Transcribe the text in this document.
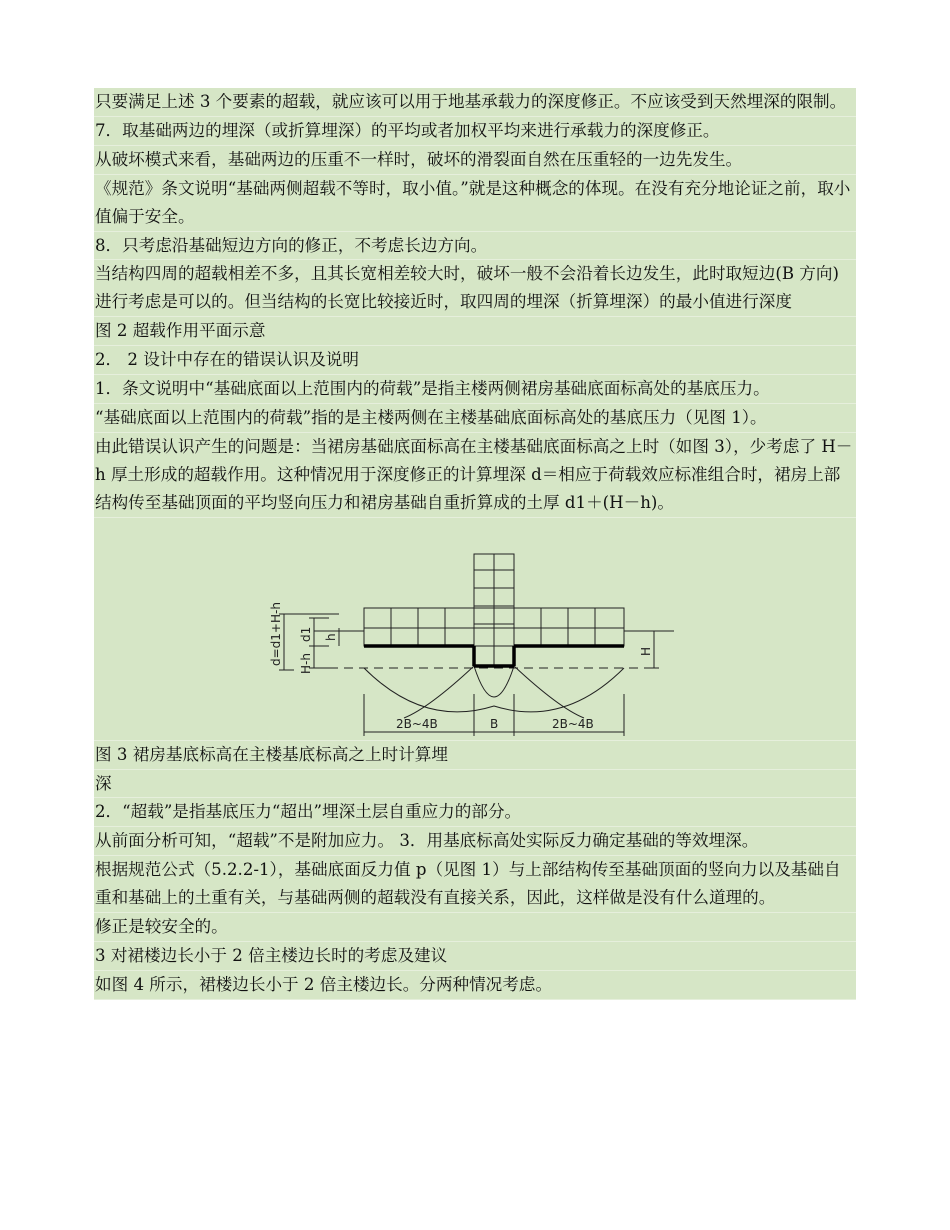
只要满足上述 3 个要素的超载，就应该可以用于地基承载力的深度修正。不应该受到天然埋深的限制。
7．取基础两边的埋深（或折算埋深）的平均或者加权平均来进行承载力的深度修正。
从破坏模式来看，基础两边的压重不一样时，破坏的滑裂面自然在压重轻的一边先发生。
《规范》条文说明“基础两侧超载不等时，取小值。”就是这种概念的体现。在没有充分地论证之前，取小值偏于安全。
8．只考虑沿基础短边方向的修正，不考虑长边方向。
当结构四周的超载相差不多，且其长宽相差较大时，破坏一般不会沿着长边发生，此时取短边(B 方向)进行考虑是可以的。但当结构的长宽比较接近时，取四周的埋深（折算埋深）的最小值进行深度
图 2 超载作用平面示意
2． 2 设计中存在的错误认识及说明
1．条文说明中“基础底面以上范围内的荷载”是指主楼两侧裙房基础底面标高处的基底压力。
“基础底面以上范围内的荷载”指的是主楼两侧在主楼基础底面标高处的基底压力（见图 1）。
由此错误认识产生的问题是：当裙房基础底面标高在主楼基础底面标高之上时（如图 3），少考虑了 H－h 厚土形成的超载作用。这种情况用于深度修正的计算埋深 d＝相应于荷载效应标准组合时，裙房上部结构传至基础顶面的平均竖向压力和裙房基础自重折算成的土厚 d1＋(H－h)。
d=d1+H-h d1 h
H-h
H
2B~4B	B	2B~4B
图 3 裙房基底标高在主楼基底标高之上时计算埋
深
2．“超载”是指基底压力“超出”埋深土层自重应力的部分。
从前面分析可知，“超载”不是附加应力。 3．用基底标高处实际反力确定基础的等效埋深。
根据规范公式（5.2.2-1），基础底面反力值 p（见图 1）与上部结构传至基础顶面的竖向力以及基础自重和基础上的土重有关，与基础两侧的超载没有直接关系，因此，这样做是没有什么道理的。
修正是较安全的。
3 对裙楼边长小于 2 倍主楼边长时的考虑及建议
如图 4 所示，裙楼边长小于 2 倍主楼边长。分两种情况考虑。
